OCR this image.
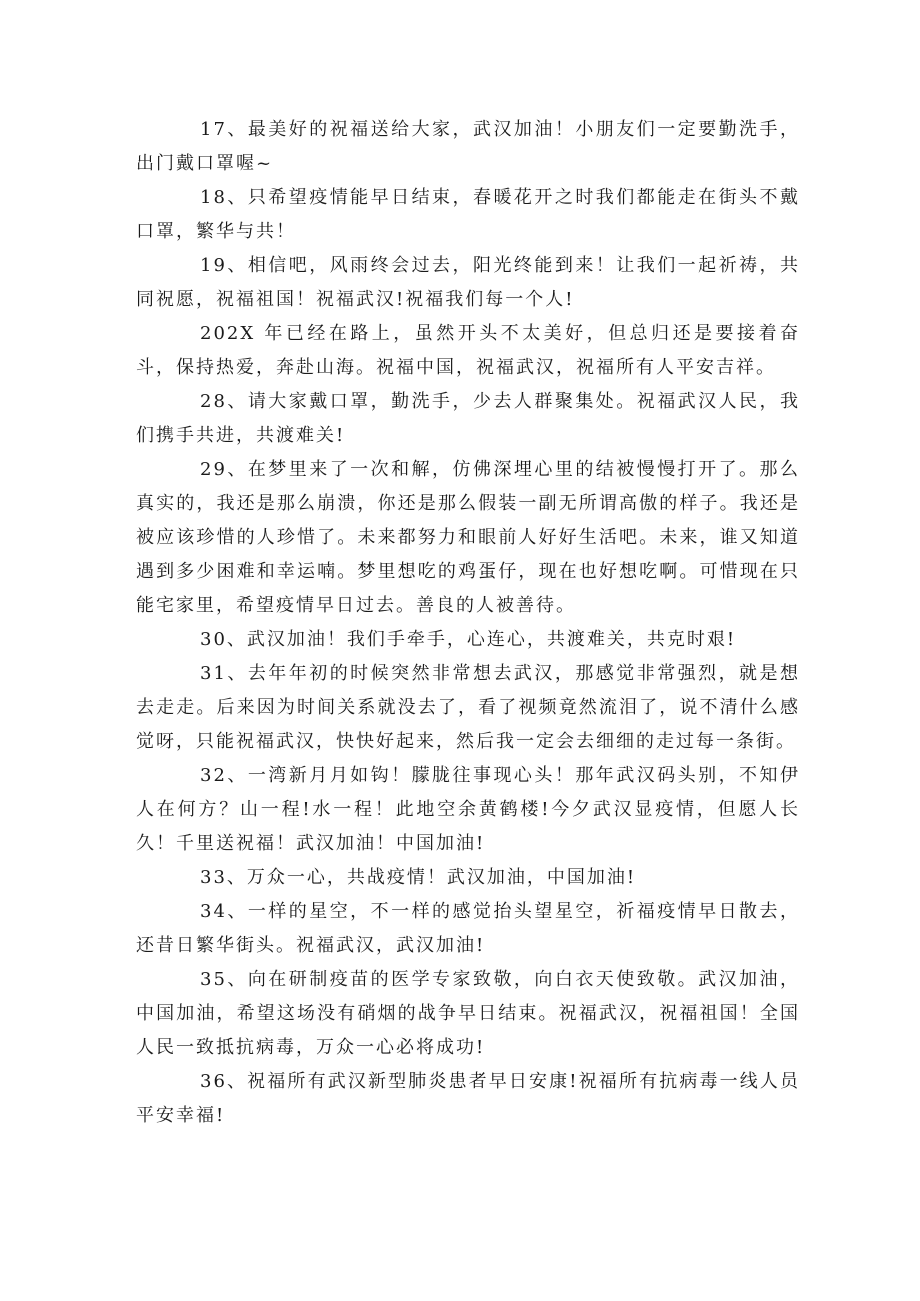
17、最美好的祝福送给大家，武汉加油！小朋友们一定要勤洗手，出门戴口罩喔~

18、只希望疫情能早日结束，春暖花开之时我们都能走在街头不戴口罩，繁华与共！

19、相信吧，风雨终会过去，阳光终能到来！让我们一起祈祷，共同祝愿，祝福祖国！祝福武汉!祝福我们每一个人!

202X 年已经在路上，虽然开头不太美好，但总归还是要接着奋斗，保持热爱，奔赴山海。祝福中国，祝福武汉，祝福所有人平安吉祥。

28、请大家戴口罩，勤洗手，少去人群聚集处。祝福武汉人民，我们携手共进，共渡难关!

29、在梦里来了一次和解，仿佛深埋心里的结被慢慢打开了。那么真实的，我还是那么崩溃，你还是那么假装一副无所谓高傲的样子。我还是被应该珍惜的人珍惜了。未来都努力和眼前人好好生活吧。未来，谁又知道遇到多少困难和幸运喃。梦里想吃的鸡蛋仔，现在也好想吃啊。可惜现在只能宅家里，希望疫情早日过去。善良的人被善待。

30、武汉加油！我们手牵手，心连心，共渡难关，共克时艰!

31、去年年初的时候突然非常想去武汉，那感觉非常强烈，就是想去走走。后来因为时间关系就没去了，看了视频竟然流泪了，说不清什么感觉呀，只能祝福武汉，快快好起来，然后我一定会去细细的走过每一条街。

32、一湾新月月如钩！朦胧往事现心头！那年武汉码头别，不知伊人在何方？山一程!水一程！此地空余黄鹤楼!今夕武汉显疫情，但愿人长久！千里送祝福！武汉加油！中国加油!

33、万众一心，共战疫情！武汉加油，中国加油!

34、一样的星空，不一样的感觉抬头望星空，祈福疫情早日散去，还昔日繁华街头。祝福武汉，武汉加油!

35、向在研制疫苗的医学专家致敬，向白衣天使致敬。武汉加油，中国加油，希望这场没有硝烟的战争早日结束。祝福武汉，祝福祖国！全国人民一致抵抗病毒，万众一心必将成功!

36、祝福所有武汉新型肺炎患者早日安康!祝福所有抗病毒一线人员平安幸福!
